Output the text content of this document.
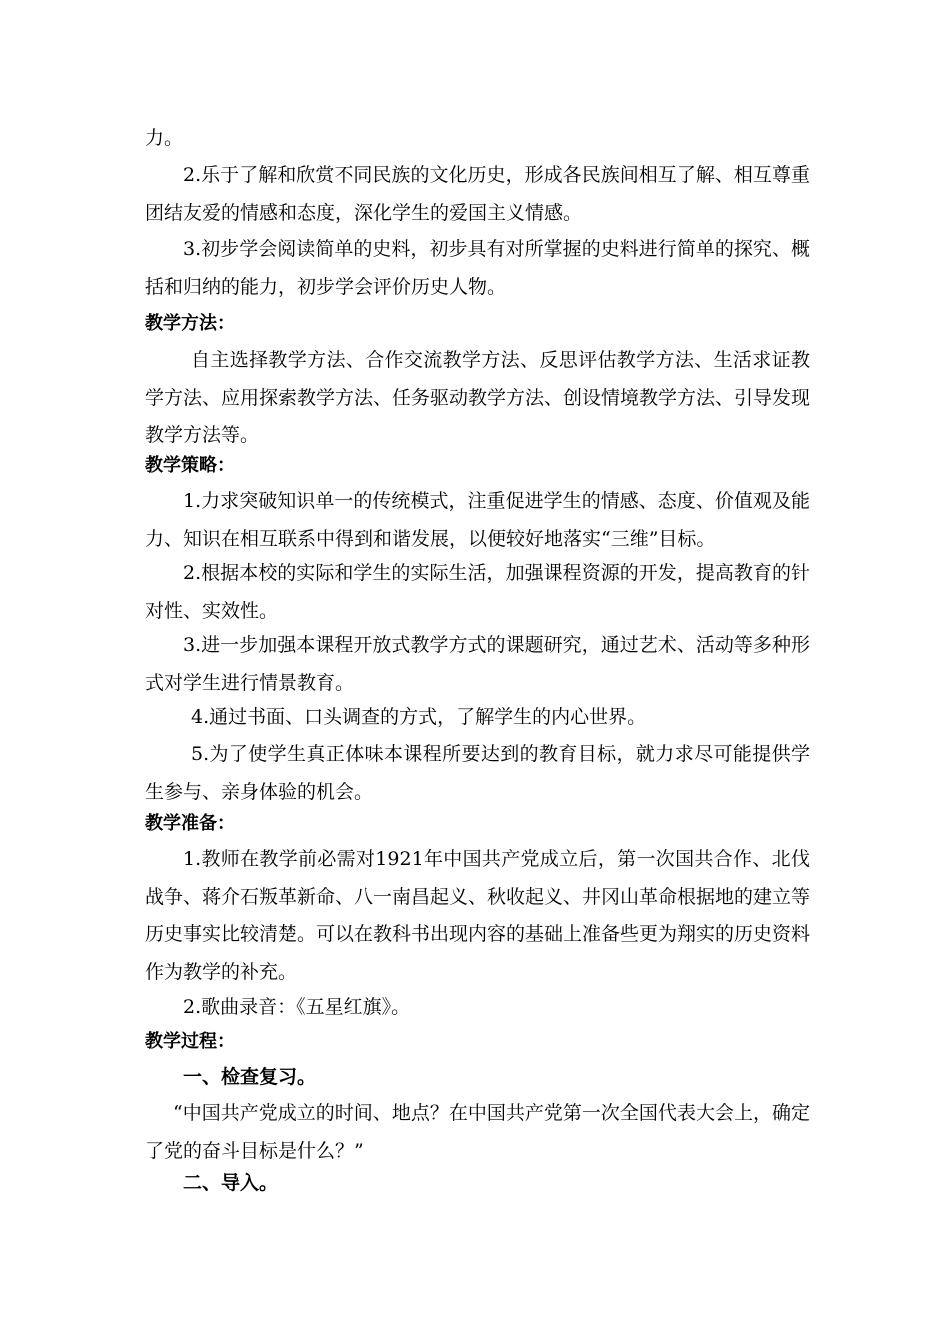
力。

2.乐于了解和欣赏不同民族的文化历史，形成各民族间相互了解、相互尊重团结友爱的情感和态度，深化学生的爱国主义情感。

3.初步学会阅读简单的史料，初步具有对所掌握的史料进行简单的探究、概括和归纳的能力，初步学会评价历史人物。

教学方法：

自主选择教学方法、合作交流教学方法、反思评估教学方法、生活求证教学方法、应用探索教学方法、任务驱动教学方法、创设情境教学方法、引导发现教学方法等。

教学策略：

1.力求突破知识单一的传统模式，注重促进学生的情感、态度、价值观及能力、知识在相互联系中得到和谐发展，以便较好地落实“三维”目标。

2.根据本校的实际和学生的实际生活，加强课程资源的开发，提高教育的针对性、实效性。

3.进一步加强本课程开放式教学方式的课题研究，通过艺术、活动等多种形式对学生进行情景教育。

4.通过书面、口头调查的方式，了解学生的内心世界。

5.为了使学生真正体味本课程所要达到的教育目标，就力求尽可能提供学生参与、亲身体验的机会。

教学准备：

1.教师在教学前必需对1921年中国共产党成立后，第一次国共合作、北伐战争、蒋介石叛革新命、八一南昌起义、秋收起义、井冈山革命根据地的建立等历史事实比较清楚。可以在教科书出现内容的基础上准备些更为翔实的历史资料作为教学的补充。

2.歌曲录音：《五星红旗》。

教学过程：

一、检查复习。

“中国共产党成立的时间、地点？在中国共产党第一次全国代表大会上，确定了党的奋斗目标是什么？”

二、导入。
